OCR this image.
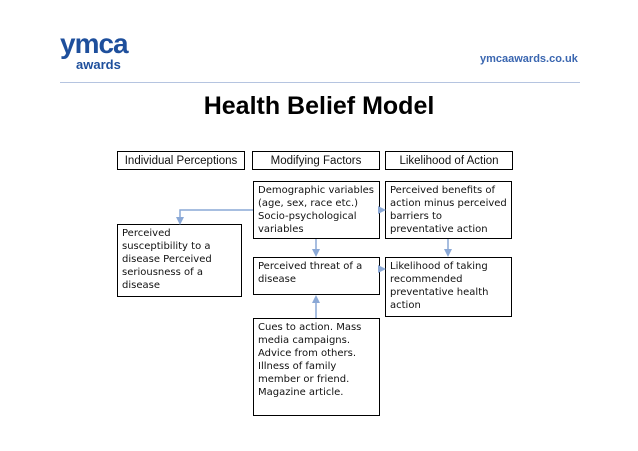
ymca
awards	ymcaawards.co.uk
Health Belief Model
Individual Perceptions	Modifying Factors	Likelihood of Action
Demographic variables (age, sex, race etc.) Socio-psychological variables
Perceived benefits of action minus perceived barriers to preventative action
Perceived susceptibility to a disease Perceived seriousness of a disease
Perceived threat of a disease
Likelihood of taking recommended preventative health action
Cues to action. Mass media campaigns. Advice from others. Illness of family member or friend. Magazine article.
